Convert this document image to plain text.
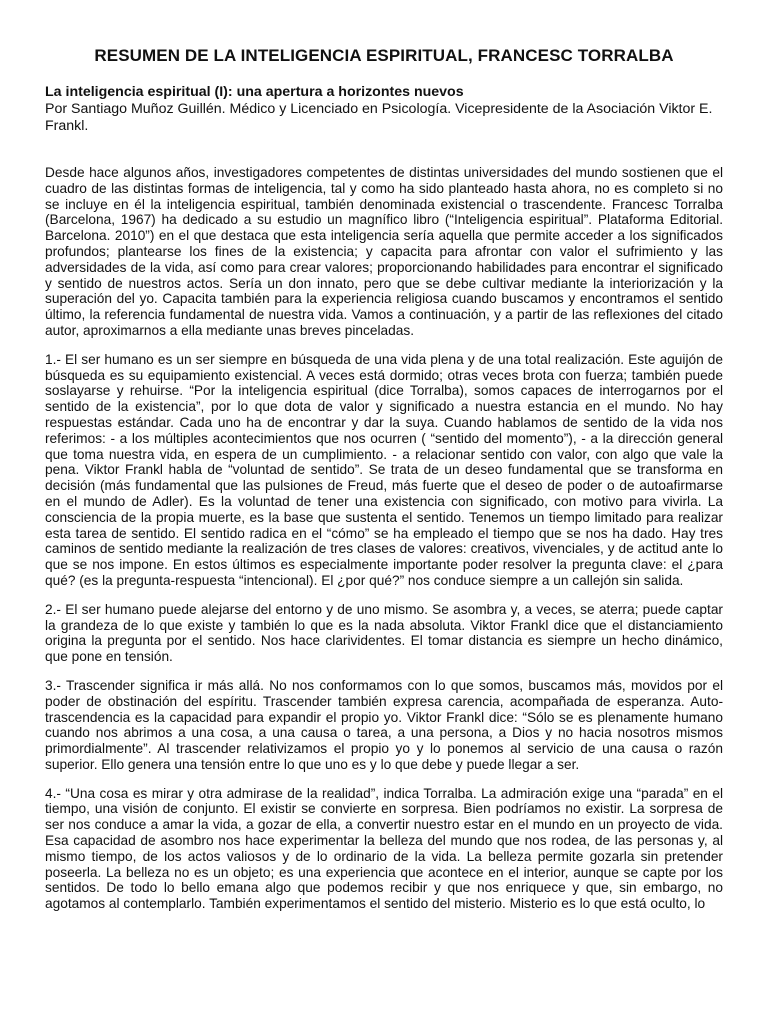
RESUMEN DE LA INTELIGENCIA ESPIRITUAL, FRANCESC TORRALBA

La inteligencia espiritual (I): una apertura a horizontes nuevos

Por Santiago Muñoz Guillén. Médico y Licenciado en Psicología. Vicepresidente de la Asociación Viktor E. Frankl.

Desde hace algunos años, investigadores competentes de distintas universidades del mundo sostienen que el cuadro de las distintas formas de inteligencia, tal y como ha sido planteado hasta ahora, no es completo si no se incluye en él la inteligencia espiritual, también denominada existencial o trascendente. Francesc Torralba (Barcelona, 1967) ha dedicado a su estudio un magnífico libro (“Inteligencia espiritual”. Plataforma Editorial. Barcelona. 2010”) en el que destaca que esta inteligencia sería aquella que permite acceder a los significados profundos; plantearse los fines de la existencia; y capacita para afrontar con valor el sufrimiento y las adversidades de la vida, así como para crear valores; proporcionando habilidades para encontrar el significado y sentido de nuestros actos. Sería un don innato, pero que se debe cultivar mediante la interiorización y la superación del yo. Capacita también para la experiencia religiosa cuando buscamos y encontramos el sentido último, la referencia fundamental de nuestra vida. Vamos a continuación, y a partir de las reflexiones del citado autor, aproximarnos a ella mediante unas breves pinceladas.

1.- El ser humano es un ser siempre en búsqueda de una vida plena y de una total realización. Este aguijón de búsqueda es su equipamiento existencial. A veces está dormido; otras veces brota con fuerza; también puede soslayarse y rehuirse. “Por la inteligencia espiritual (dice Torralba), somos capaces de interrogarnos por el sentido de la existencia”, por lo que dota de valor y significado a nuestra estancia en el mundo. No hay respuestas estándar. Cada uno ha de encontrar y dar la suya. Cuando hablamos de sentido de la vida nos referimos: - a los múltiples acontecimientos que nos ocurren ( “sentido del momento”), - a la dirección general que toma nuestra vida, en espera de un cumplimiento. - a relacionar sentido con valor, con algo que vale la pena. Viktor Frankl habla de “voluntad de sentido”. Se trata de un deseo fundamental que se transforma en decisión (más fundamental que las pulsiones de Freud, más fuerte que el deseo de poder o de autoafirmarse en el mundo de Adler). Es la voluntad de tener una existencia con significado, con motivo para vivirla. La consciencia de la propia muerte, es la base que sustenta el sentido. Tenemos un tiempo limitado para realizar esta tarea de sentido. El sentido radica en el “cómo” se ha empleado el tiempo que se nos ha dado. Hay tres caminos de sentido mediante la realización de tres clases de valores: creativos, vivenciales, y de actitud ante lo que se nos impone. En estos últimos es especialmente importante poder resolver la pregunta clave: el ¿para qué? (es la pregunta-respuesta “intencional). El ¿por qué?” nos conduce siempre a un callejón sin salida.

2.- El ser humano puede alejarse del entorno y de uno mismo. Se asombra y, a veces, se aterra; puede captar la grandeza de lo que existe y también lo que es la nada absoluta. Viktor Frankl dice que el distanciamiento origina la pregunta por el sentido. Nos hace clarividentes. El tomar distancia es siempre un hecho dinámico, que pone en tensión.

3.- Trascender significa ir más allá. No nos conformamos con lo que somos, buscamos más, movidos por el poder de obstinación del espíritu. Trascender también expresa carencia, acompañada de esperanza. Auto-trascendencia es la capacidad para expandir el propio yo. Viktor Frankl dice: “Sólo se es plenamente humano cuando nos abrimos a una cosa, a una causa o tarea, a una persona, a Dios y no hacia nosotros mismos primordialmente”. Al trascender relativizamos el propio yo y lo ponemos al servicio de una causa o razón superior. Ello genera una tensión entre lo que uno es y lo que debe y puede llegar a ser.

4.- “Una cosa es mirar y otra admirase de la realidad”, indica Torralba. La admiración exige una “parada” en el tiempo, una visión de conjunto. El existir se convierte en sorpresa. Bien podríamos no existir. La sorpresa de ser nos conduce a amar la vida, a gozar de ella, a convertir nuestro estar en el mundo en un proyecto de vida. Esa capacidad de asombro nos hace experimentar la belleza del mundo que nos rodea, de las personas y, al mismo tiempo, de los actos valiosos y de lo ordinario de la vida. La belleza permite gozarla sin pretender poseerla. La belleza no es un objeto; es una experiencia que acontece en el interior, aunque se capte por los sentidos. De todo lo bello emana algo que podemos recibir y que nos enriquece y que, sin embargo, no agotamos al contemplarlo. También experimentamos el sentido del misterio. Misterio es lo que está oculto, lo
